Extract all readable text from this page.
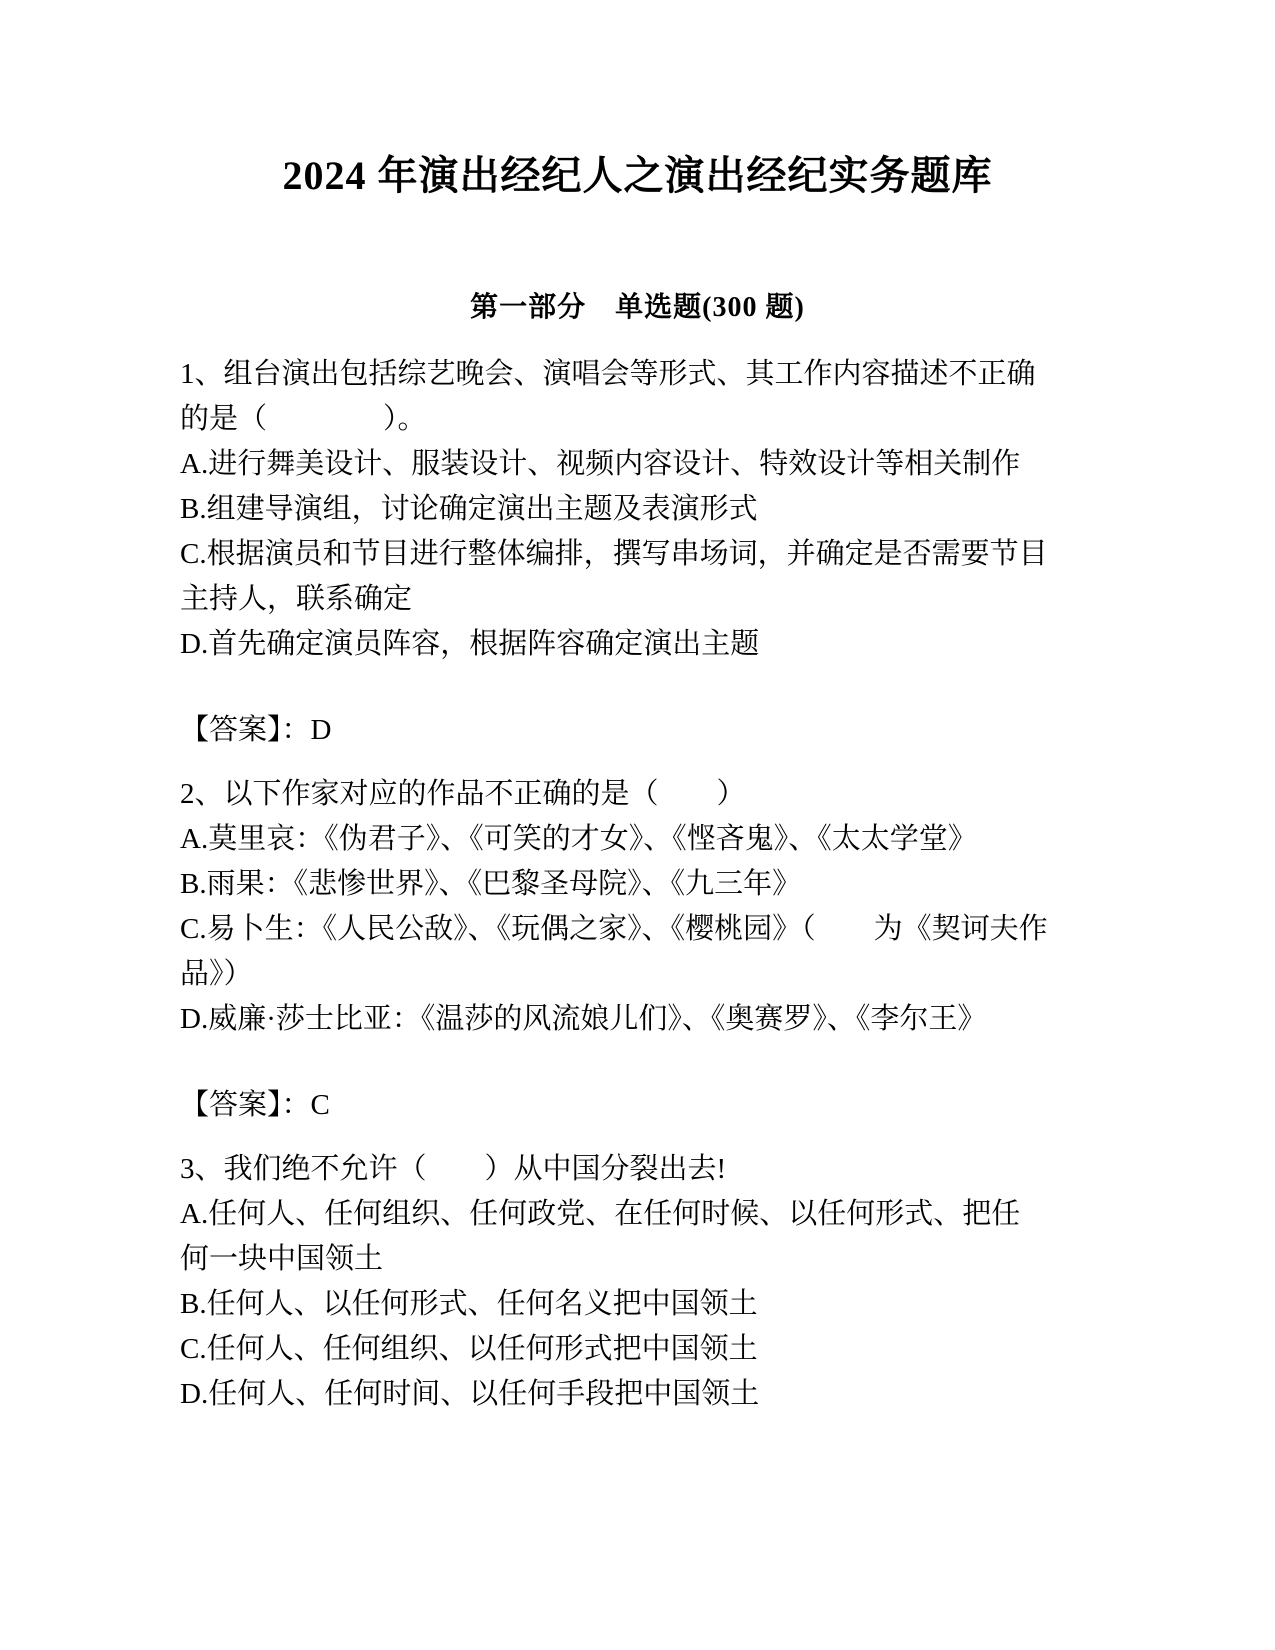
2024 年演出经纪人之演出经纪实务题库
第一部分　单选题(300 题)

1、组台演出包括综艺晚会、演唱会等形式、其工作内容描述不正确的是（　　　　）。

A.进行舞美设计、服装设计、视频内容设计、特效设计等相关制作

B.组建导演组，讨论确定演出主题及表演形式

C.根据演员和节目进行整体编排，撰写串场词，并确定是否需要节目主持人，联系确定

D.首先确定演员阵容，根据阵容确定演出主题

【答案】：D

2、以下作家对应的作品不正确的是（　　）

A.莫里哀：《伪君子》、《可笑的才女》、《悭吝鬼》、《太太学堂》

B.雨果：《悲惨世界》、《巴黎圣母院》、《九三年》

C.易卜生：《人民公敌》、《玩偶之家》、《樱桃园》（　　为《契诃夫作品》）

D.威廉·莎士比亚：《温莎的风流娘儿们》、《奥赛罗》、《李尔王》

【答案】：C

3、我们绝不允许（　　）从中国分裂出去!

A.任何人、任何组织、任何政党、在任何时候、以任何形式、把任何一块中国领土

B.任何人、以任何形式、任何名义把中国领土

C.任何人、任何组织、以任何形式把中国领土

D.任何人、任何时间、以任何手段把中国领土
